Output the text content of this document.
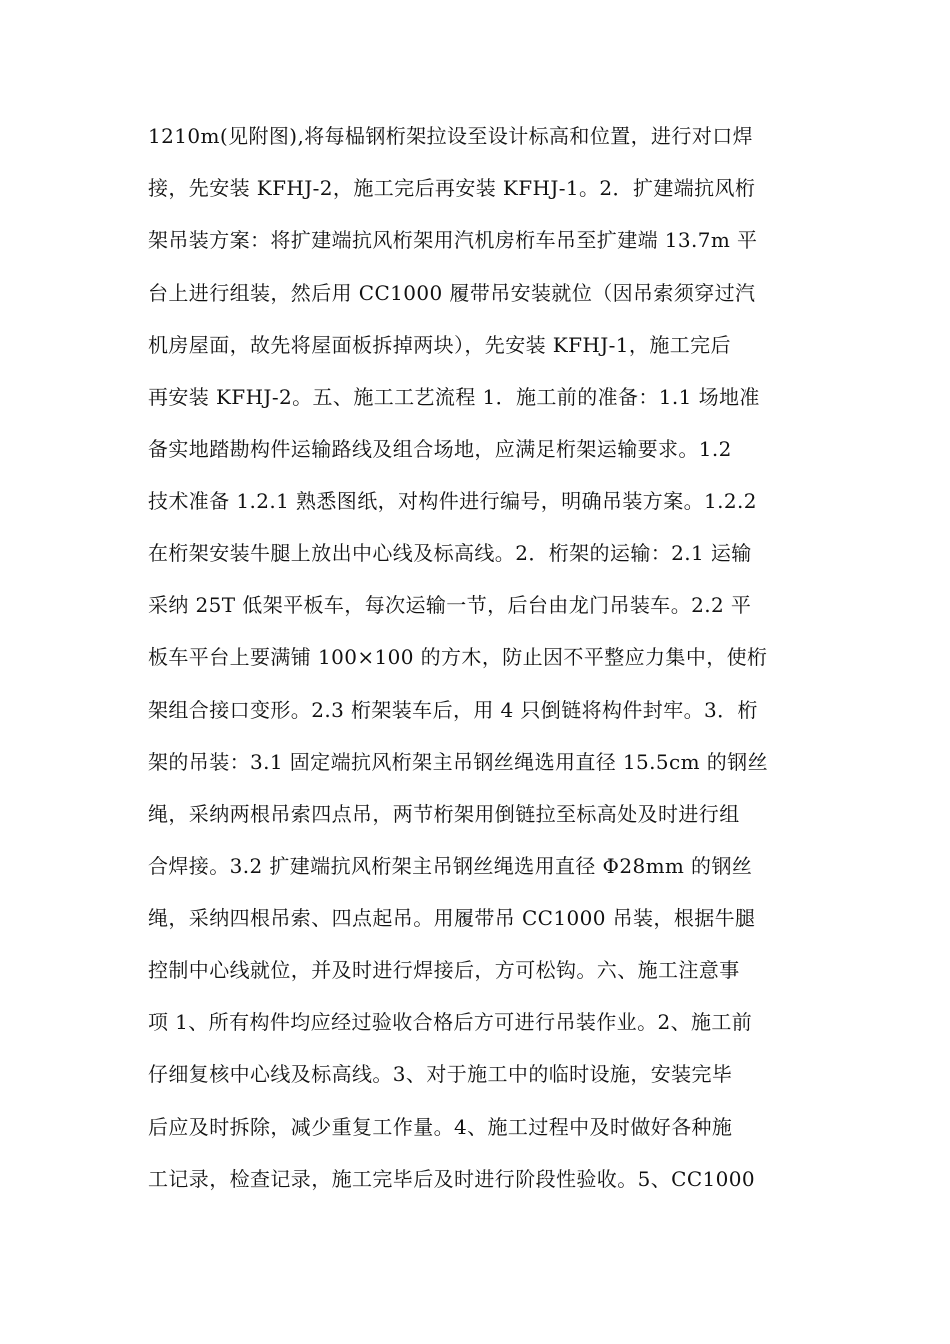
1210m(见附图),将每榀钢桁架拉设至设计标高和位置，进行对口焊
接，先安装 KFHJ-2，施工完后再安装 KFHJ-1。2．扩建端抗风桁
架吊装方案：将扩建端抗风桁架用汽机房桁车吊至扩建端 13.7m 平
台上进行组装，然后用 CC1000 履带吊安装就位（因吊索须穿过汽
机房屋面，故先将屋面板拆掉两块），先安装 KFHJ-1，施工完后
再安装 KFHJ-2。五、施工工艺流程 1．施工前的准备：1.1 场地准
备实地踏勘构件运输路线及组合场地，应满足桁架运输要求。1.2
技术准备 1.2.1 熟悉图纸，对构件进行编号，明确吊装方案。1.2.2
在桁架安装牛腿上放出中心线及标高线。2．桁架的运输：2.1 运输
采纳 25T 低架平板车，每次运输一节，后台由龙门吊装车。2.2 平
板车平台上要满铺 100×100 的方木，防止因不平整应力集中，使桁
架组合接口变形。2.3 桁架装车后，用 4 只倒链将构件封牢。3．桁
架的吊装：3.1 固定端抗风桁架主吊钢丝绳选用直径 15.5cm 的钢丝
绳，采纳两根吊索四点吊，两节桁架用倒链拉至标高处及时进行组
合焊接。3.2 扩建端抗风桁架主吊钢丝绳选用直径 Φ28mm 的钢丝
绳，采纳四根吊索、四点起吊。用履带吊 CC1000 吊装，根据牛腿
控制中心线就位，并及时进行焊接后，方可松钩。六、施工注意事
项 1、所有构件均应经过验收合格后方可进行吊装作业。2、施工前
仔细复核中心线及标高线。3、对于施工中的临时设施，安装完毕
后应及时拆除，减少重复工作量。4、施工过程中及时做好各种施
工记录，检查记录，施工完毕后及时进行阶段性验收。5、CC1000
